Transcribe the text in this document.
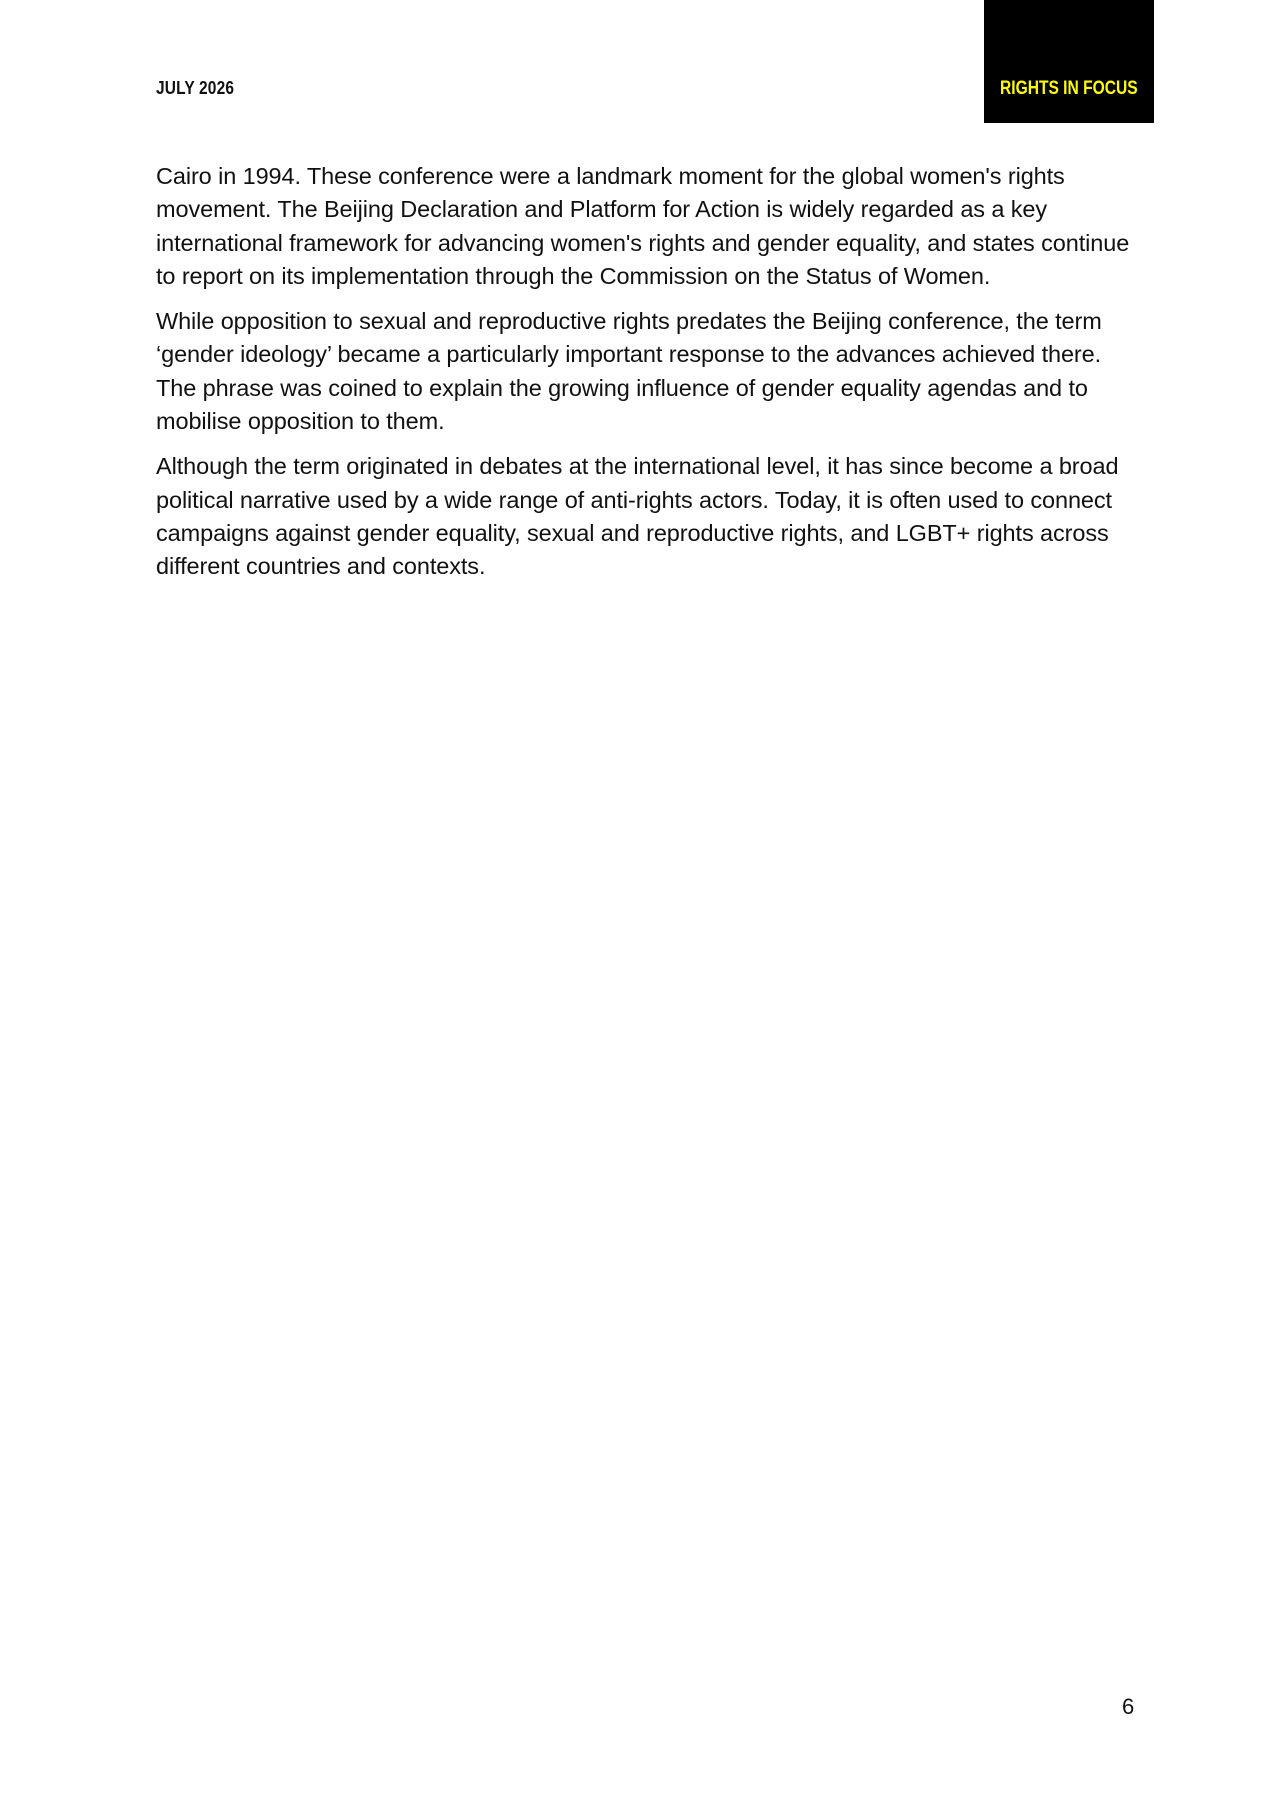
JULY 2026	RIGHTS IN FOCUS

Cairo in 1994. These conference were a landmark moment for the global women's rights movement. The Beijing Declaration and Platform for Action is widely regarded as a key international framework for advancing women's rights and gender equality, and states continue to report on its implementation through the Commission on the Status of Women.

While opposition to sexual and reproductive rights predates the Beijing conference, the term ‘gender ideology’ became a particularly important response to the advances achieved there. The phrase was coined to explain the growing influence of gender equality agendas and to mobilise opposition to them.

Although the term originated in debates at the international level, it has since become a broad political narrative used by a wide range of anti-rights actors. Today, it is often used to connect campaigns against gender equality, sexual and reproductive rights, and LGBT+ rights across different countries and contexts.

6
